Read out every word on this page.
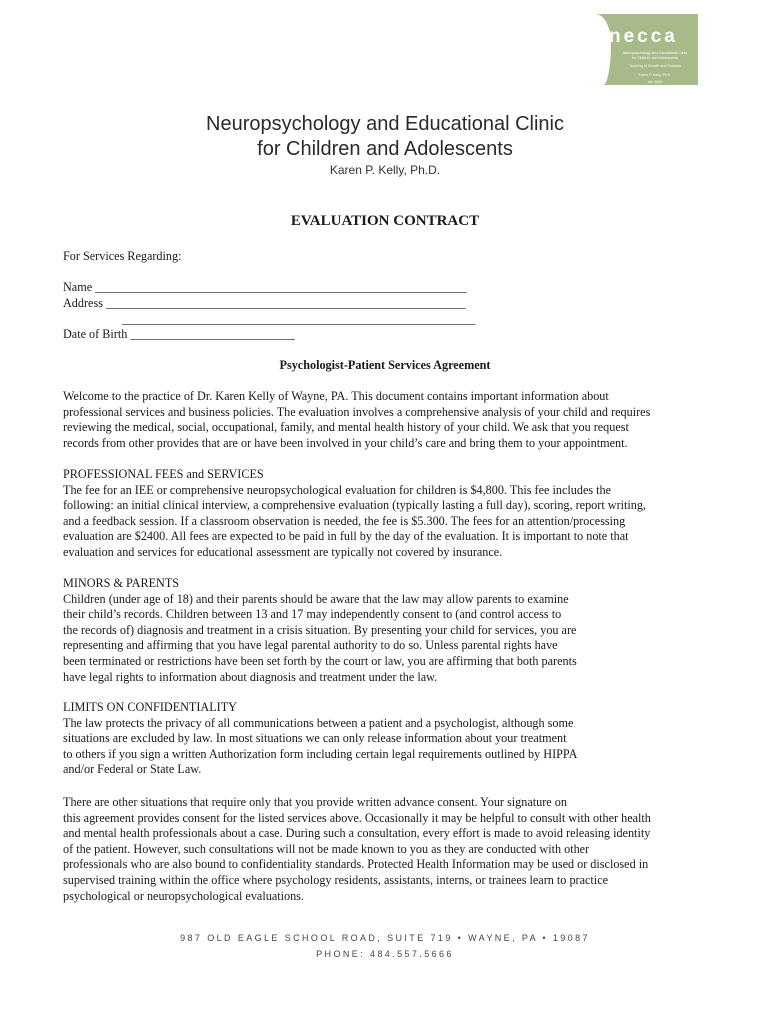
necca
Neuropsychology and Educational Clinic
for Children and Adolescents
Tracking of Growth and Success
Karen P. Kelly, Ph.D.
est. 2005
Neuropsychology and Educational Clinic
for Children and Adolescents
Karen P. Kelly, Ph.D.
EVALUATION CONTRACT
For Services Regarding:
Name _____________________________________________________________
Address ___________________________________________________________
__________________________________________________________
Date of Birth ___________________________
Psychologist-Patient Services Agreement

Welcome to the practice of Dr. Karen Kelly of Wayne, PA. This document contains important information about

professional services and business policies. The evaluation involves a comprehensive analysis of your child and requires

reviewing the medical, social, occupational, family, and mental health history of your child. We ask that you request

records from other provides that are or have been involved in your child’s care and bring them to your appointment.

PROFESSIONAL FEES and SERVICES

The fee for an IEE or comprehensive neuropsychological evaluation for children is $4,800. This fee includes the

following: an initial clinical interview, a comprehensive evaluation (typically lasting a full day), scoring, report writing,

and a feedback session. If a classroom observation is needed, the fee is $5.300. The fees for an attention/processing

evaluation are $2400. All fees are expected to be paid in full by the day of the evaluation. It is important to note that

evaluation and services for educational assessment are typically not covered by insurance.

MINORS & PARENTS

Children (under age of 18) and their parents should be aware that the law may allow parents to examine

their child’s records. Children between 13 and 17 may independently consent to (and control access to

the records of) diagnosis and treatment in a crisis situation. By presenting your child for services, you are

representing and affirming that you have legal parental authority to do so. Unless parental rights have

been terminated or restrictions have been set forth by the court or law, you are affirming that both parents

have legal rights to information about diagnosis and treatment under the law.

LIMITS ON CONFIDENTIALITY

The law protects the privacy of all communications between a patient and a psychologist, although some

situations are excluded by law. In most situations we can only release information about your treatment

to others if you sign a written Authorization form including certain legal requirements outlined by HIPPA

and/or Federal or State Law.

There are other situations that require only that you provide written advance consent. Your signature on

this agreement provides consent for the listed services above. Occasionally it may be helpful to consult with other health

and mental health professionals about a case. During such a consultation, every effort is made to avoid releasing identity

of the patient. However, such consultations will not be made known to you as they are conducted with other

professionals who are also bound to confidentiality standards. Protected Health Information may be used or disclosed in

supervised training within the office where psychology residents, assistants, interns, or trainees learn to practice

psychological or neuropsychological evaluations.

987 OLD EAGLE SCHOOL ROAD, SUITE 719 • WAYNE, PA • 19087
PHONE: 484.557.5666
